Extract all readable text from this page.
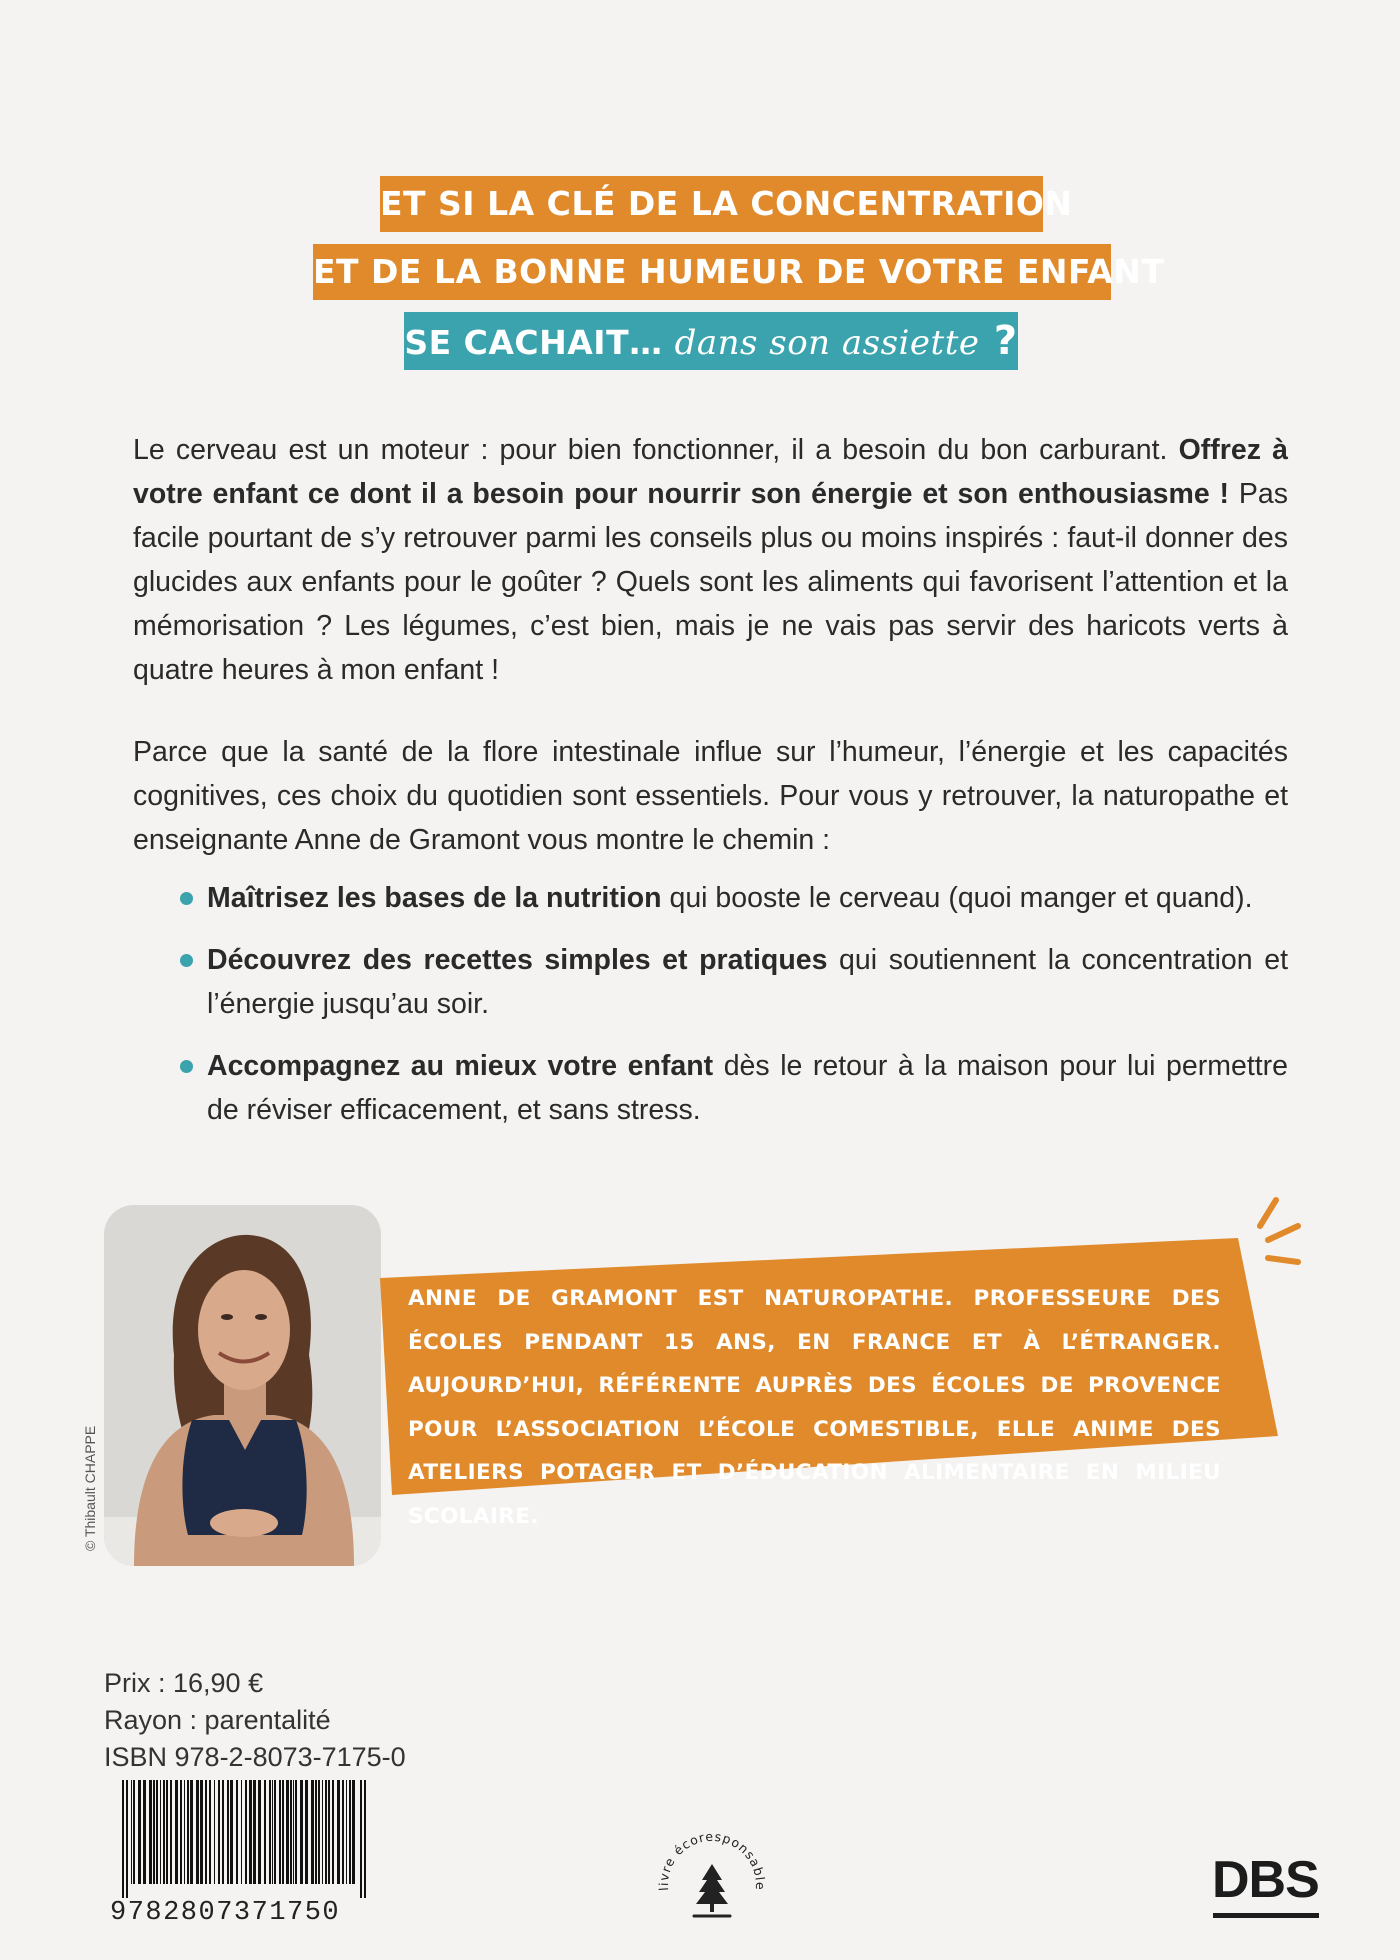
ET SI LA CLÉ DE LA CONCENTRATION
ET DE LA BONNE HUMEUR DE VOTRE ENFANT
SE CACHAIT… dans son assiette ?

Le cerveau est un moteur : pour bien fonctionner, il a besoin du bon carburant. Offrez à votre enfant ce dont il a besoin pour nourrir son énergie et son enthousiasme ! Pas facile pourtant de s’y retrouver parmi les conseils plus ou moins inspirés : faut-il donner des glucides aux enfants pour le goûter ? Quels sont les aliments qui favorisent l’attention et la mémorisation ? Les légumes, c’est bien, mais je ne vais pas servir des haricots verts à quatre heures à mon enfant !

Parce que la santé de la flore intestinale influe sur l’humeur, l’énergie et les capacités cognitives, ces choix du quotidien sont essentiels. Pour vous y retrouver, la naturopathe et enseignante Anne de Gramont vous montre le chemin :

Maîtrisez les bases de la nutrition qui booste le cerveau (quoi manger et quand).
Découvrez des recettes simples et pratiques qui soutiennent la concentration et l’énergie jusqu’au soir.
Accompagnez au mieux votre enfant dès le retour à la maison pour lui permettre de réviser efficacement, et sans stress.
© Thibault CHAPPE

ANNE DE GRAMONT EST NATUROPATHE. PROFESSEURE DES ÉCOLES PENDANT 15 ANS, EN FRANCE ET À L’ÉTRANGER. AUJOURD’HUI, RÉFÉRENTE AUPRÈS DES ÉCOLES DE PROVENCE POUR L’ASSOCIATION L’ÉCOLE COMESTIBLE, ELLE ANIME DES ATELIERS POTAGER ET D’ÉDUCATION ALIMENTAIRE EN MILIEU SCOLAIRE.

Prix : 16,90 €
Rayon : parentalité
ISBN 978-2-8073-7175-0
9782807371750
livre écoresponsable	DBS
